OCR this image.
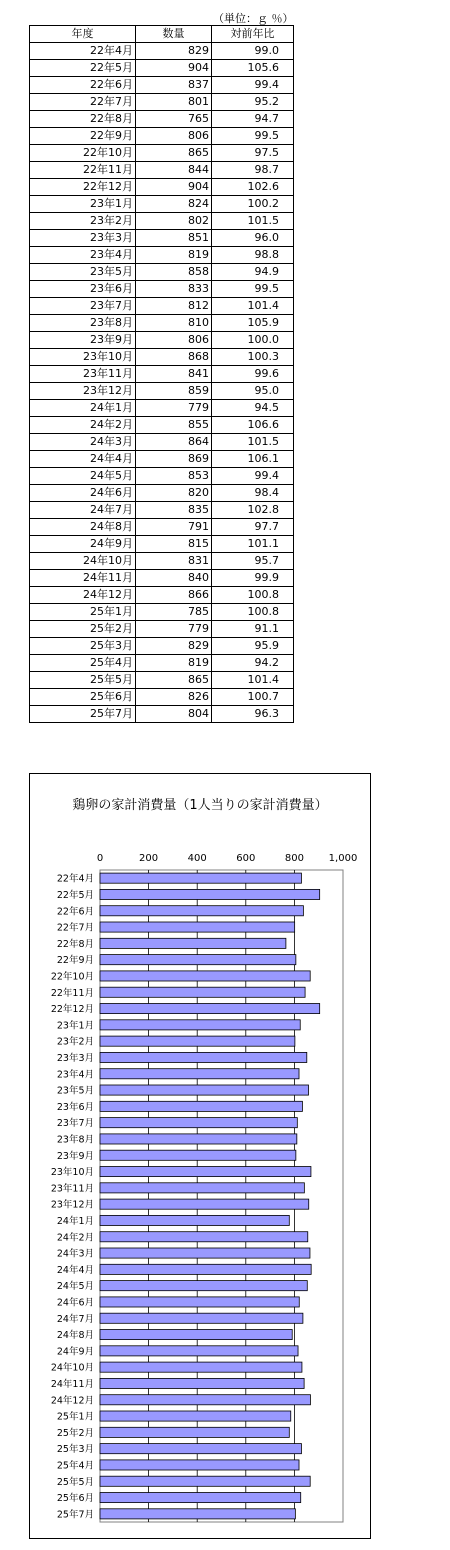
（単位：ｇ ％）
年度	数量	対前年比
22年4月	829	99.0
22年5月	904	105.6
22年6月	837	99.4
22年7月	801	95.2
22年8月	765	94.7
22年9月	806	99.5
22年10月	865	97.5
22年11月	844	98.7
22年12月	904	102.6
23年1月	824	100.2
23年2月	802	101.5
23年3月	851	96.0
23年4月	819	98.8
23年5月	858	94.9
23年6月	833	99.5
23年7月	812	101.4
23年8月	810	105.9
23年9月	806	100.0
23年10月	868	100.3
23年11月	841	99.6
23年12月	859	95.0
24年1月	779	94.5
24年2月	855	106.6
24年3月	864	101.5
24年4月	869	106.1
24年5月	853	99.4
24年6月	820	98.4
24年7月	835	102.8
24年8月	791	97.7
24年9月	815	101.1
24年10月	831	95.7
24年11月	840	99.9
24年12月	866	100.8
25年1月	785	100.8
25年2月	779	91.1
25年3月	829	95.9
25年4月	819	94.2
25年5月	865	101.4
25年6月	826	100.7
25年7月	804	96.3
鶏卵の家計消費量（1人当りの家計消費量）
0	200	400	600	800 1,000
22年4月
22年5月
22年6月
22年7月
22年8月
22年9月
22年10月
22年11月
22年12月
23年1月
23年2月
23年3月
23年4月
23年5月
23年6月
23年7月
23年8月
23年9月
23年10月
23年11月
23年12月
24年1月
24年2月
24年3月
24年4月
24年5月
24年6月
24年7月
24年8月
24年9月
24年10月
24年11月
24年12月
25年1月
25年2月
25年3月
25年4月
25年5月
25年6月
25年7月
